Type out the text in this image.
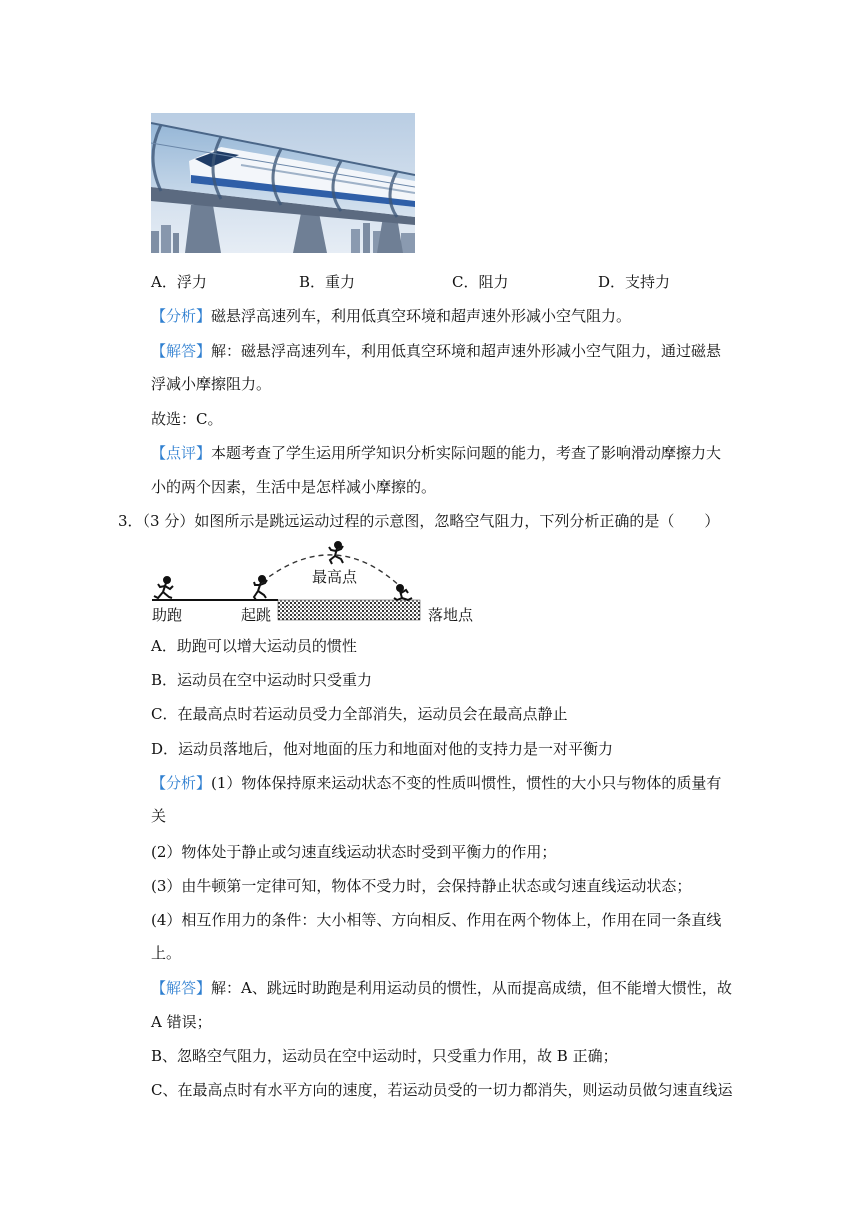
A．浮力	B．重力	C．阻力	D．支持力
【分析】磁悬浮高速列车，利用低真空环境和超声速外形减小空气阻力。
【解答】解：磁悬浮高速列车，利用低真空环境和超声速外形减小空气阻力，通过磁悬
浮减小摩擦阻力。
故选：C。
【点评】本题考查了学生运用所学知识分析实际问题的能力，考查了影响滑动摩擦力大
小的两个因素，生活中是怎样减小摩擦的。
3．（3 分）如图所示是跳远运动过程的示意图，忽略空气阻力，下列分析正确的是（　　）
助跑	起跳
最高点
落地点
A．助跑可以增大运动员的惯性
B．运动员在空中运动时只受重力
C．在最高点时若运动员受力全部消失，运动员会在最高点静止
D．运动员落地后，他对地面的压力和地面对他的支持力是一对平衡力
【分析】(1）物体保持原来运动状态不变的性质叫惯性，惯性的大小只与物体的质量有
关
(2）物体处于静止或匀速直线运动状态时受到平衡力的作用；
(3）由牛顿第一定律可知，物体不受力时，会保持静止状态或匀速直线运动状态；
(4）相互作用力的条件：大小相等、方向相反、作用在两个物体上，作用在同一条直线
上。
【解答】解：A、跳远时助跑是利用运动员的惯性，从而提高成绩，但不能增大惯性，故
A 错误；
B、忽略空气阻力，运动员在空中运动时，只受重力作用，故 B 正确；
C、在最高点时有水平方向的速度，若运动员受的一切力都消失，则运动员做匀速直线运
